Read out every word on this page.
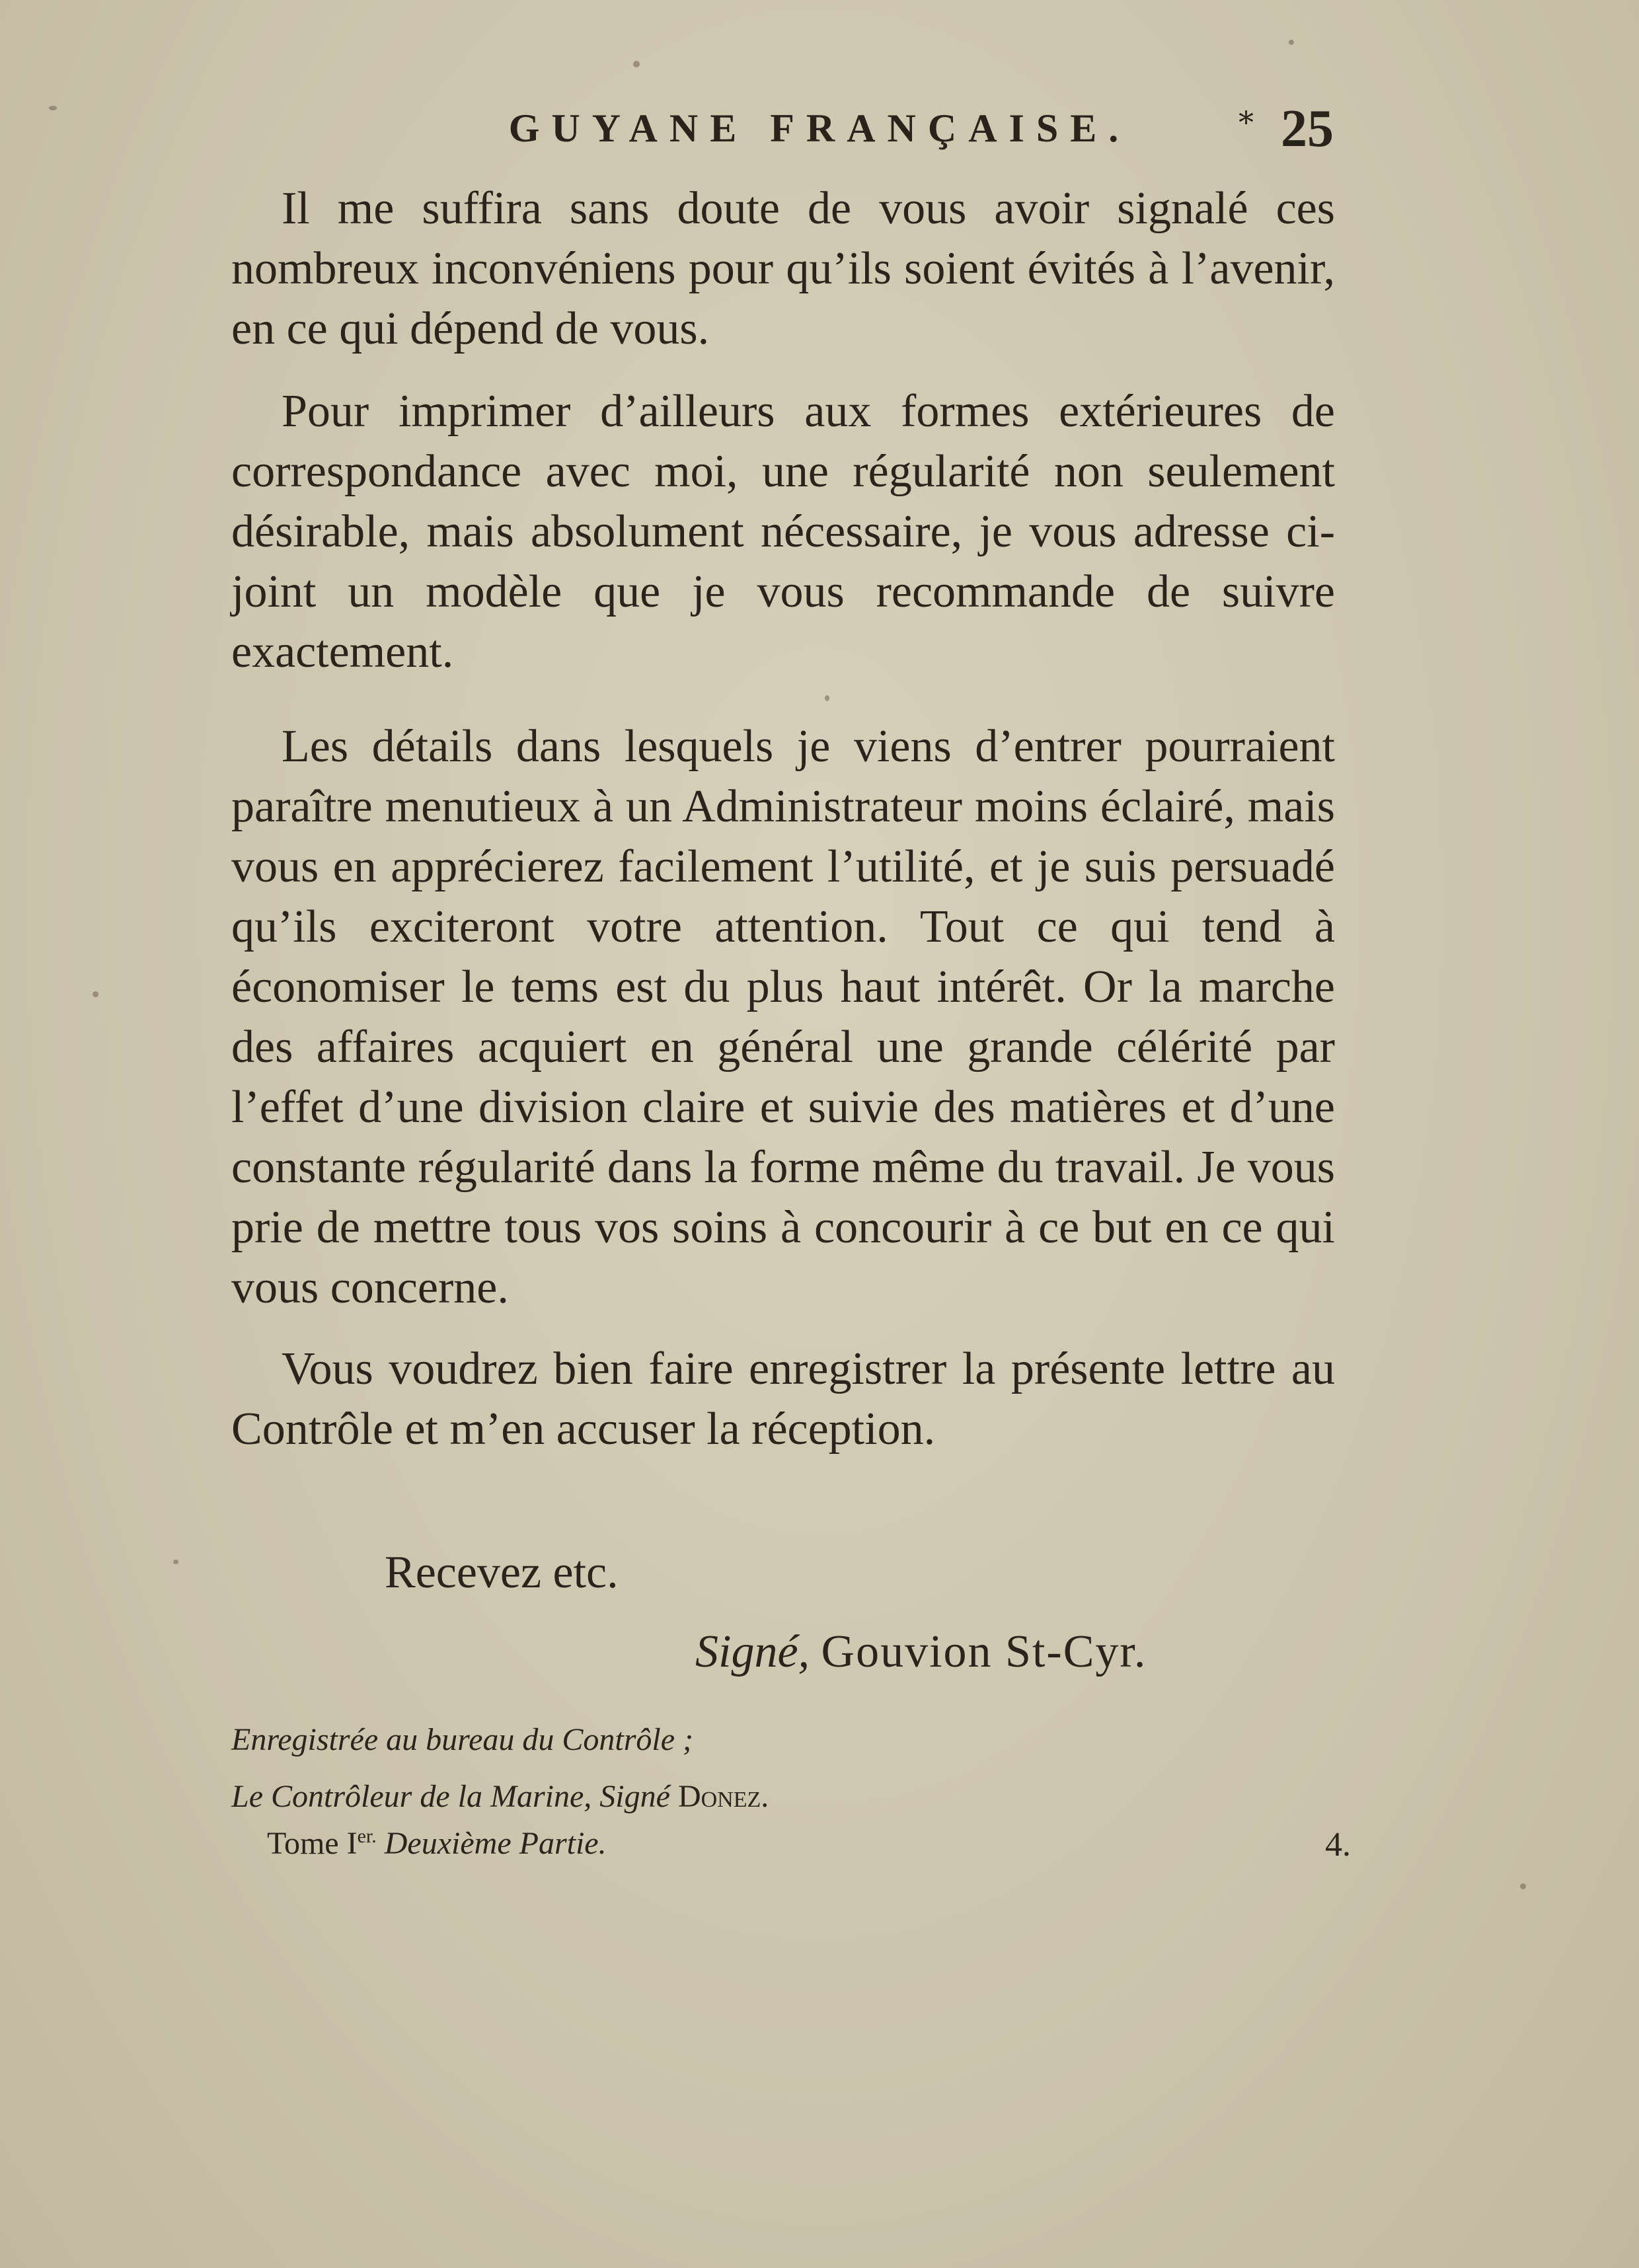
GUYANE FRANÇAISE.	* 25

Il me suffira sans doute de vous avoir signalé ces nombreux inconvéniens pour qu’ils soient évités à l’avenir, en ce qui dépend de vous.

Pour imprimer d’ailleurs aux formes extérieures de correspondance avec moi, une régularité non seulement désirable, mais absolument nécessaire, je vous adresse ci-joint un modèle que je vous recommande de suivre exactement.

Les détails dans lesquels je viens d’entrer pourraient paraître menutieux à un Administrateur moins éclairé, mais vous en apprécierez facilement l’utilité, et je suis persuadé qu’ils exciteront votre attention. Tout ce qui tend à économiser le tems est du plus haut intérêt. Or la marche des affaires acquiert en général une grande célérité par l’effet d’une division claire et suivie des matières et d’une constante régularité dans la forme même du travail. Je vous prie de mettre tous vos soins à concourir à ce but en ce qui vous concerne.

Vous voudrez bien faire enregistrer la présente lettre au Contrôle et m’en accuser la réception.

Recevez etc.
Signé, Gouvion St-Cyr.
Enregistrée au bureau du Contrôle ;
Le Contrôleur de la Marine, Signé Donez.
Tome $I^{er.}$ Deuxième Partie.	4.
